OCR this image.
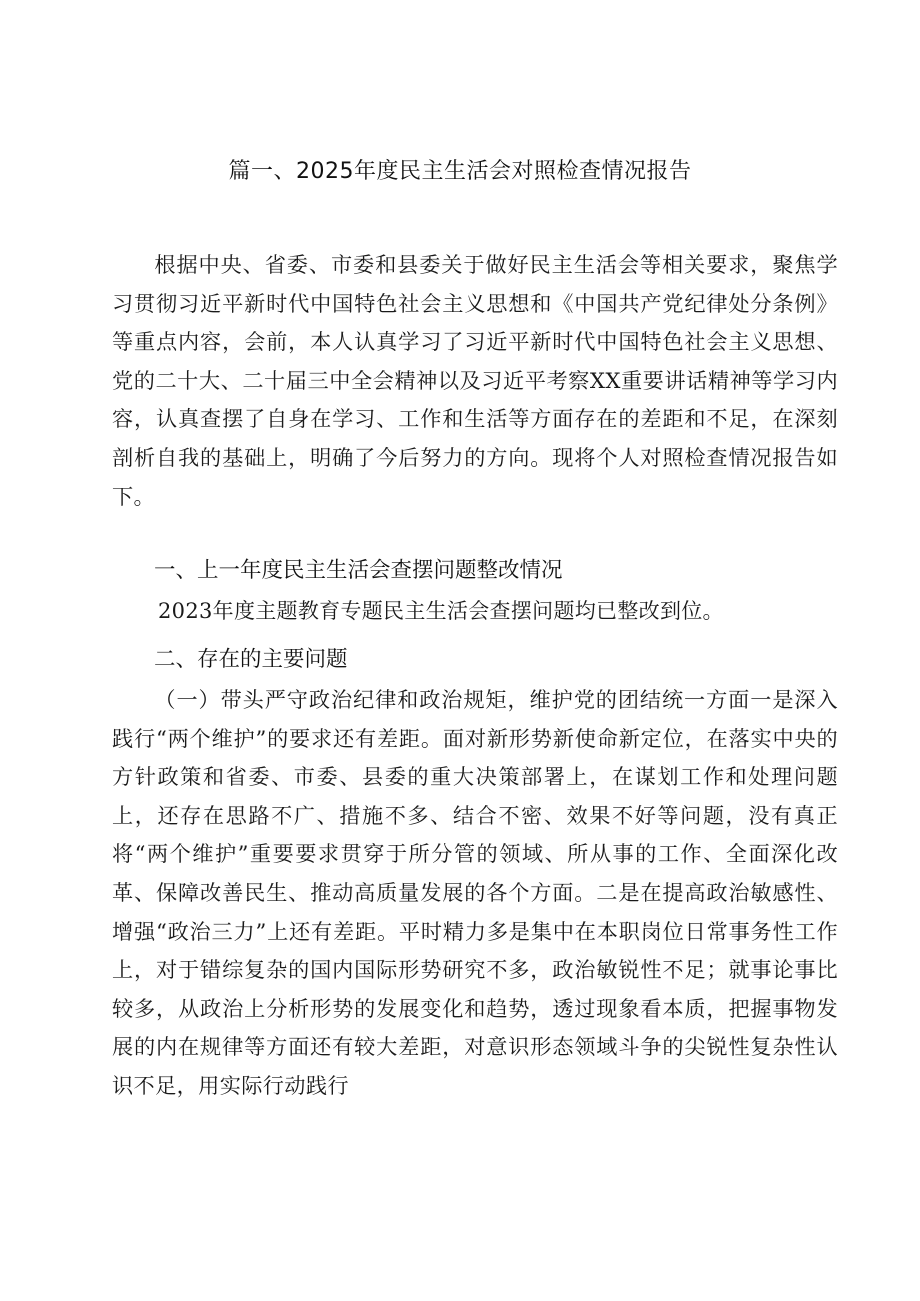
篇一、2025年度民主生活会对照检查情况报告
根据中央、省委、市委和县委关于做好民主生活会等相关要求，聚焦学习贯彻习近平新时代中国特色社会主义思想和《中国共产党纪律处分条例》等重点内容，会前，本人认真学习了习近平新时代中国特色社会主义思想、党的二十大、二十届三中全会精神以及习近平考察XX重要讲话精神等学习内容，认真查摆了自身在学习、工作和生活等方面存在的差距和不足，在深刻剖析自我的基础上，明确了今后努力的方向。现将个人对照检查情况报告如下。
一、上一年度民主生活会查摆问题整改情况
2023年度主题教育专题民主生活会查摆问题均已整改到位。
二、存在的主要问题
（一）带头严守政治纪律和政治规矩，维护党的团结统一方面一是深入践行“两个维护”的要求还有差距。面对新形势新使命新定位，在落实中央的方针政策和省委、市委、县委的重大决策部署上，在谋划工作和处理问题上，还存在思路不广、措施不多、结合不密、效果不好等问题，没有真正将“两个维护”重要要求贯穿于所分管的领域、所从事的工作、全面深化改革、保障改善民生、推动高质量发展的各个方面。二是在提高政治敏感性、增强“政治三力”上还有差距。平时精力多是集中在本职岗位日常事务性工作上，对于错综复杂的国内国际形势研究不多，政治敏锐性不足；就事论事比较多，从政治上分析形势的发展变化和趋势，透过现象看本质，把握事物发展的内在规律等方面还有较大差距，对意识形态领域斗争的尖锐性复杂性认识不足，用实际行动践行
